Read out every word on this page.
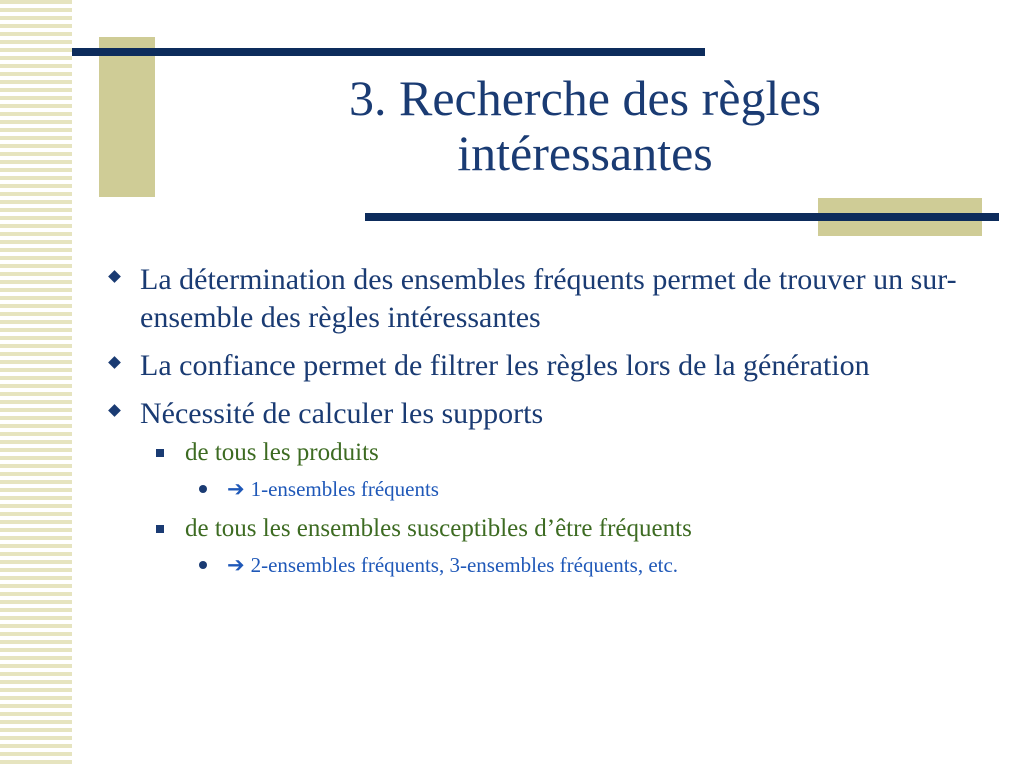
3. Recherche des règles
intéressantes
La détermination des ensembles fréquents permet de trouver un sur-ensemble des règles intéressantes
La confiance permet de filtrer les règles lors de la génération
Nécessité de calculer les supports
de tous les produits
➔ 1-ensembles fréquents
de tous les ensembles susceptibles d’être fréquents
➔ 2-ensembles fréquents, 3-ensembles fréquents, etc.
